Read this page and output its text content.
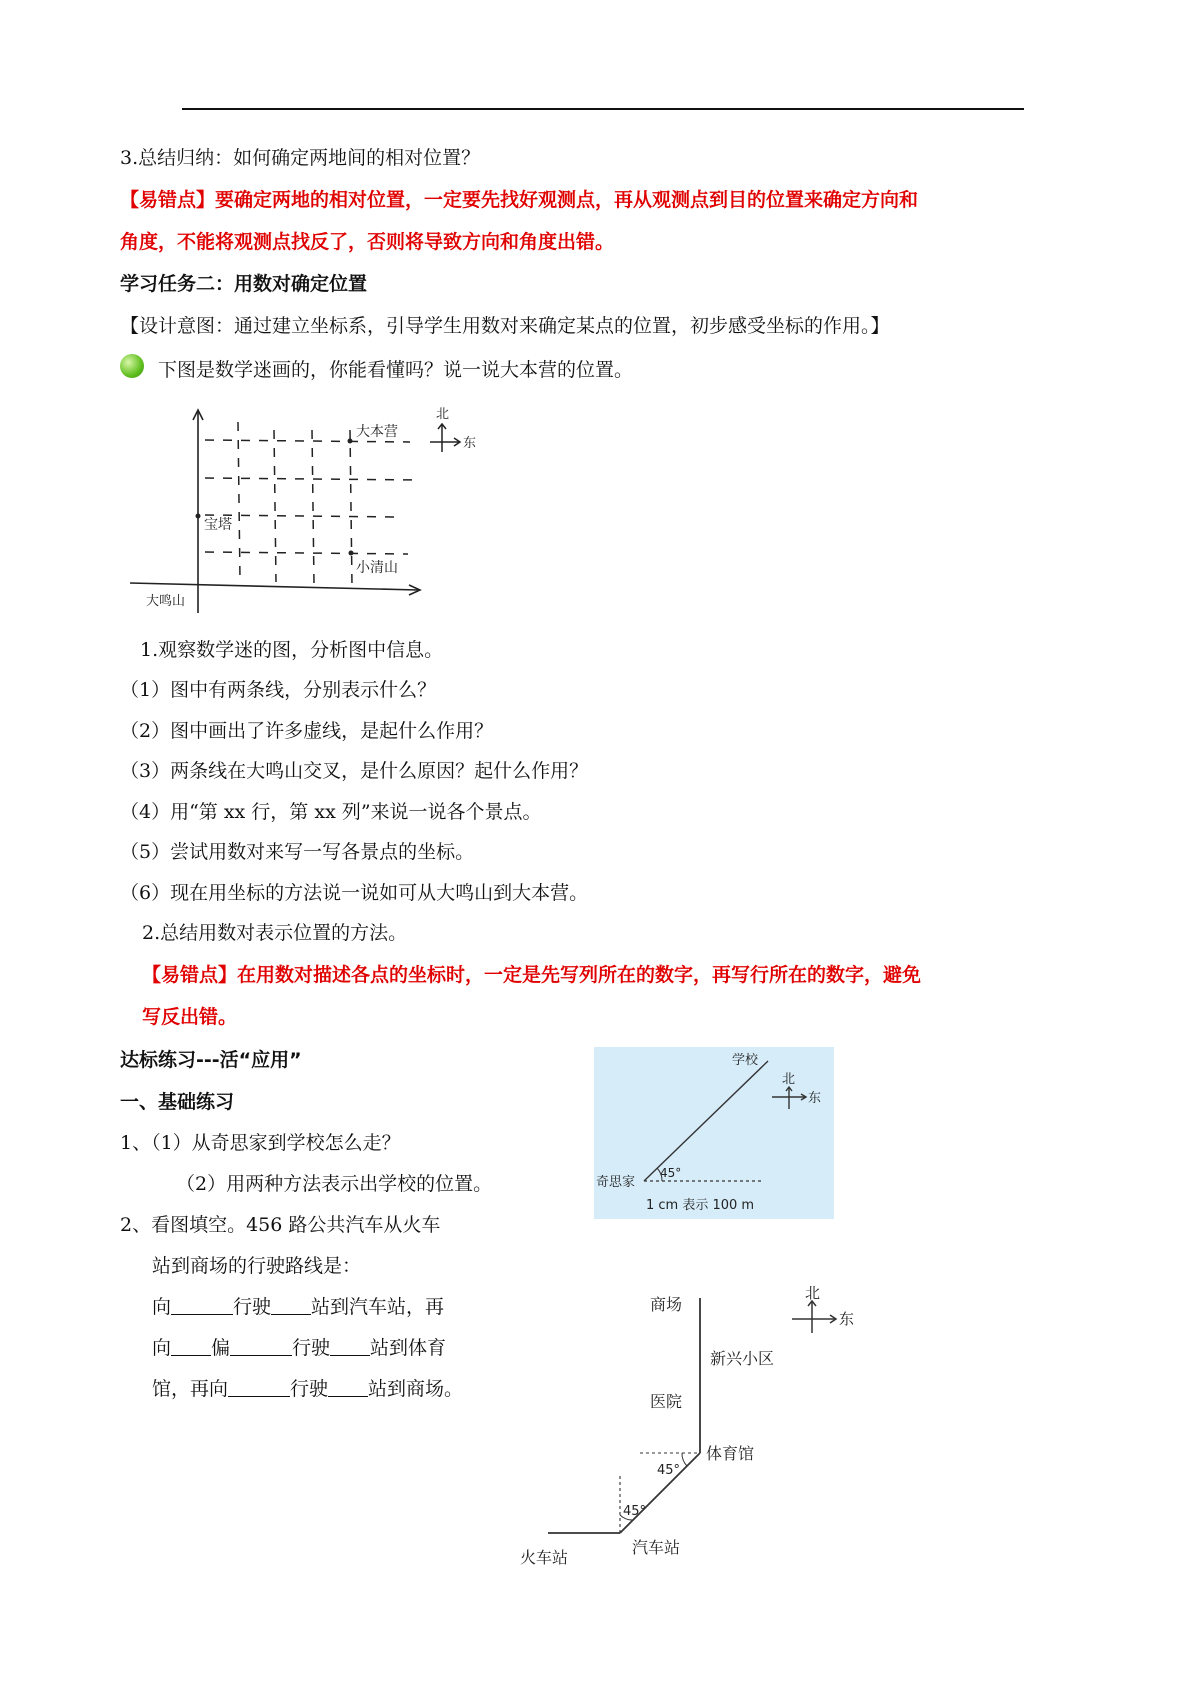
3.总结归纳：如何确定两地间的相对位置？
【易错点】要确定两地的相对位置，一定要先找好观测点，再从观测点到目的位置来确定方向和
角度，不能将观测点找反了，否则将导致方向和角度出错。
学习任务二：用数对确定位置
【设计意图：通过建立坐标系，引导学生用数对来确定某点的位置，初步感受坐标的作用。】
下图是数学迷画的，你能看懂吗？说一说大本营的位置。
大本营
宝塔
小清山
大鸣山
北
东
1.观察数学迷的图，分析图中信息。
（1）图中有两条线，分别表示什么？
（2）图中画出了许多虚线，是起什么作用？
（3）两条线在大鸣山交叉，是什么原因？起什么作用？
（4）用“第 xx 行，第 xx 列”来说一说各个景点。
（5）尝试用数对来写一写各景点的坐标。
（6）现在用坐标的方法说一说如可从大鸣山到大本营。
2.总结用数对表示位置的方法。
【易错点】在用数对描述各点的坐标时，一定是先写列所在的数字，再写行所在的数字，避免
写反出错。
达标练习---活“应用”
一、基础练习
1、（1）从奇思家到学校怎么走？
（2）用两种方法表示出学校的位置。
2、看图填空。456 路公共汽车从火车
站到商场的行驶路线是：
向	行驶 站到汽车站，再
向 偏	行驶 站到体育
馆，再向	行驶 站到商场。
学校
奇思家
45°
1 cm 表示 100 m
北
东
商场
新兴小区
医院
体育馆
45°
45°
汽车站
火车站
北
东
